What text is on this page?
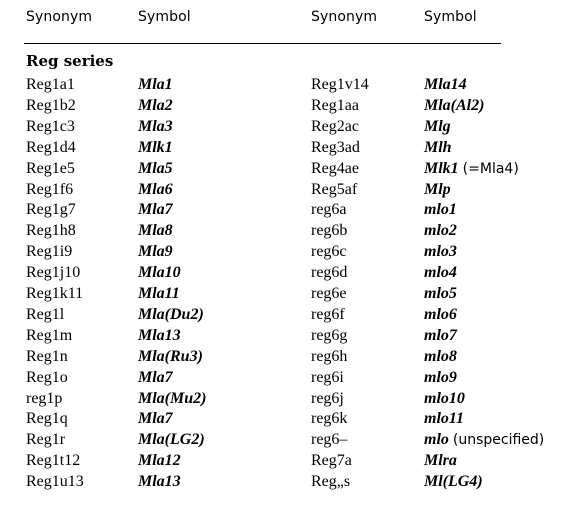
Synonym	Symbol	Synonym	Symbol
Reg series
Reg1a1	Mla1	Reg1v14	Mla14
Reg1b2	Mla2	Reg1aa	Mla(Al2)
Reg1c3	Mla3	Reg2ac	Mlg
Reg1d4	Mlk1	Reg3ad	Mlh
Reg1e5	Mla5	Reg4ae	Mlk1 (=Mla4)
Reg1f6	Mla6	Reg5af	Mlp
Reg1g7	Mla7	reg6a	mlo1
Reg1h8	Mla8	reg6b	mlo2
Reg1i9	Mla9	reg6c	mlo3
Reg1j10	Mla10	reg6d	mlo4
Reg1k11	Mla11	reg6e	mlo5
Reg1l	Mla(Du2)	reg6f	mlo6
Reg1m	Mla13	reg6g	mlo7
Reg1n	Mla(Ru3)	reg6h	mlo8
Reg1o	Mla7	reg6i	mlo9
reg1p	Mla(Mu2)	reg6j	mlo10
Reg1q	Mla7	reg6k	mlo11
Reg1r	Mla(LG2)	reg6–	mlo (unspecified)
Reg1t12	Mla12	Reg7a	Mlra
Reg1u13	Mla13	Reg„s	Ml(LG4)
